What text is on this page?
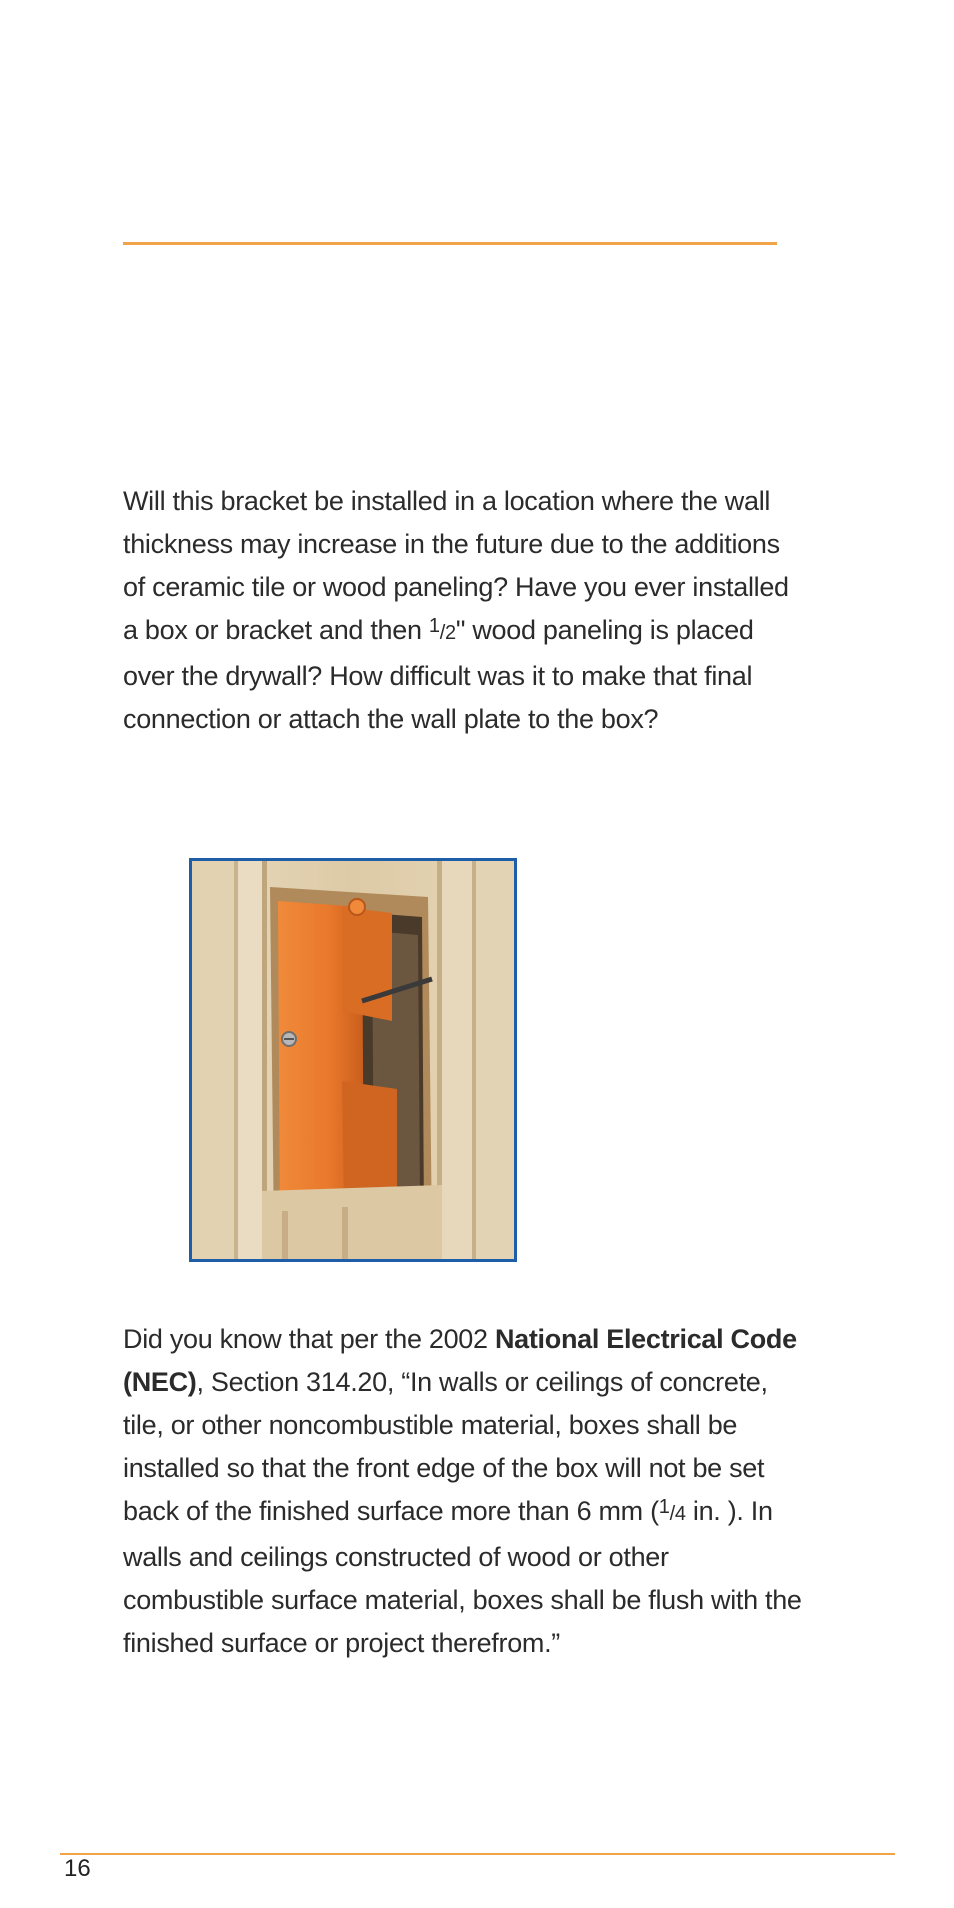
Will this bracket be installed in a location where the wall thickness may increase in the future due to the additions of ceramic tile or wood paneling? Have you ever installed a box or bracket and then 1/2" wood paneling is placed over the drywall? How difficult was it to make that final connection or attach the wall plate to the box?

Did you know that per the 2002 National Electrical Code (NEC), Section 314.20, “In walls or ceilings of concrete, tile, or other noncombustible material, boxes shall be installed so that the front edge of the box will not be set back of the finished surface more than 6 mm (1/4 in. ). In walls and ceilings constructed of wood or other combustible surface material, boxes shall be flush with the finished surface or project therefrom.”

16
